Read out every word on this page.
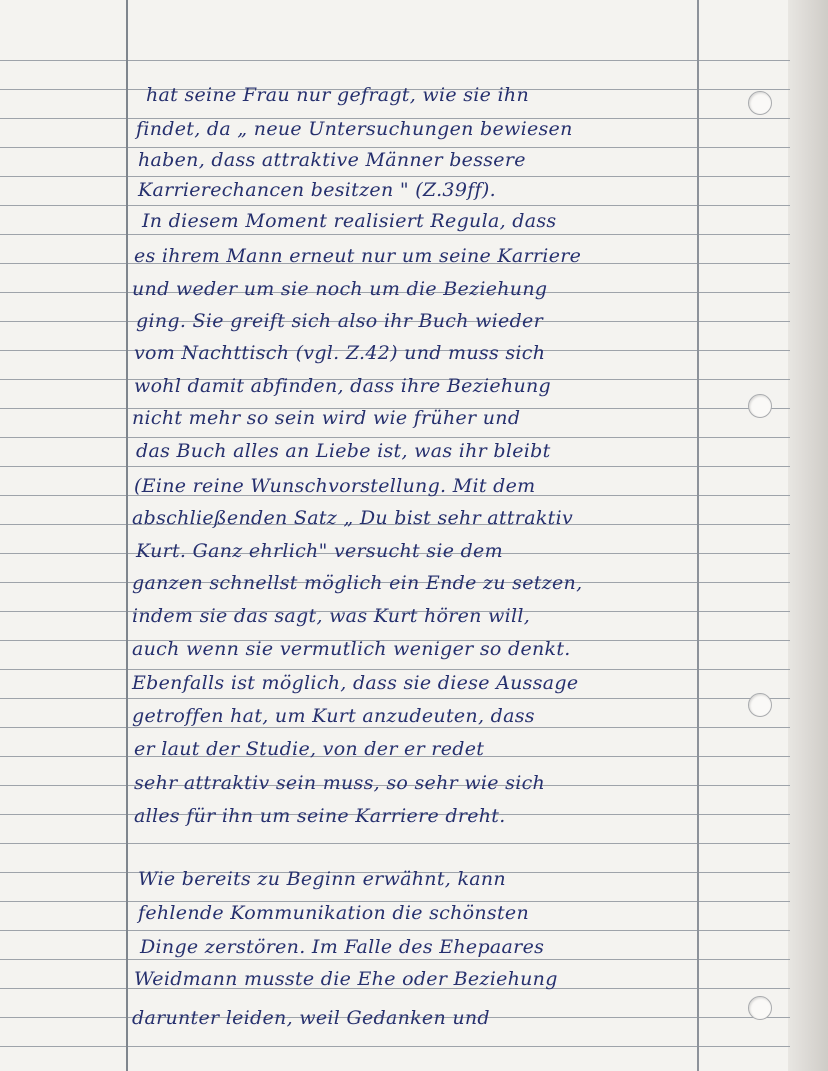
hat seine Frau nur gefragt, wie sie ihn
findet, da „ neue Untersuchungen bewiesen
haben, dass attraktive Männer bessere
Karrierechancen besitzen " (Z.39ff).
In diesem Moment realisiert Regula, dass
es ihrem Mann erneut nur um seine Karriere
und weder um sie noch um die Beziehung
ging. Sie greift sich also ihr Buch wieder
vom Nachttisch (vgl. Z.42) und muss sich
wohl damit abfinden, dass ihre Beziehung
nicht mehr so sein wird wie früher und
das Buch alles an Liebe ist, was ihr bleibt
(Eine reine Wunschvorstellung. Mit dem
abschließenden Satz „ Du bist sehr attraktiv
Kurt. Ganz ehrlich" versucht sie dem
ganzen schnellst möglich ein Ende zu setzen,
indem sie das sagt, was Kurt hören will,
auch wenn sie vermutlich weniger so denkt.
Ebenfalls ist möglich, dass sie diese Aussage
getroffen hat, um Kurt anzudeuten, dass
er laut der Studie, von der er redet
sehr attraktiv sein muss, so sehr wie sich
alles für ihn um seine Karriere dreht.
Wie bereits zu Beginn erwähnt, kann
fehlende Kommunikation die schönsten
Dinge zerstören. Im Falle des Ehepaares
Weidmann musste die Ehe oder Beziehung
darunter leiden, weil Gedanken und
